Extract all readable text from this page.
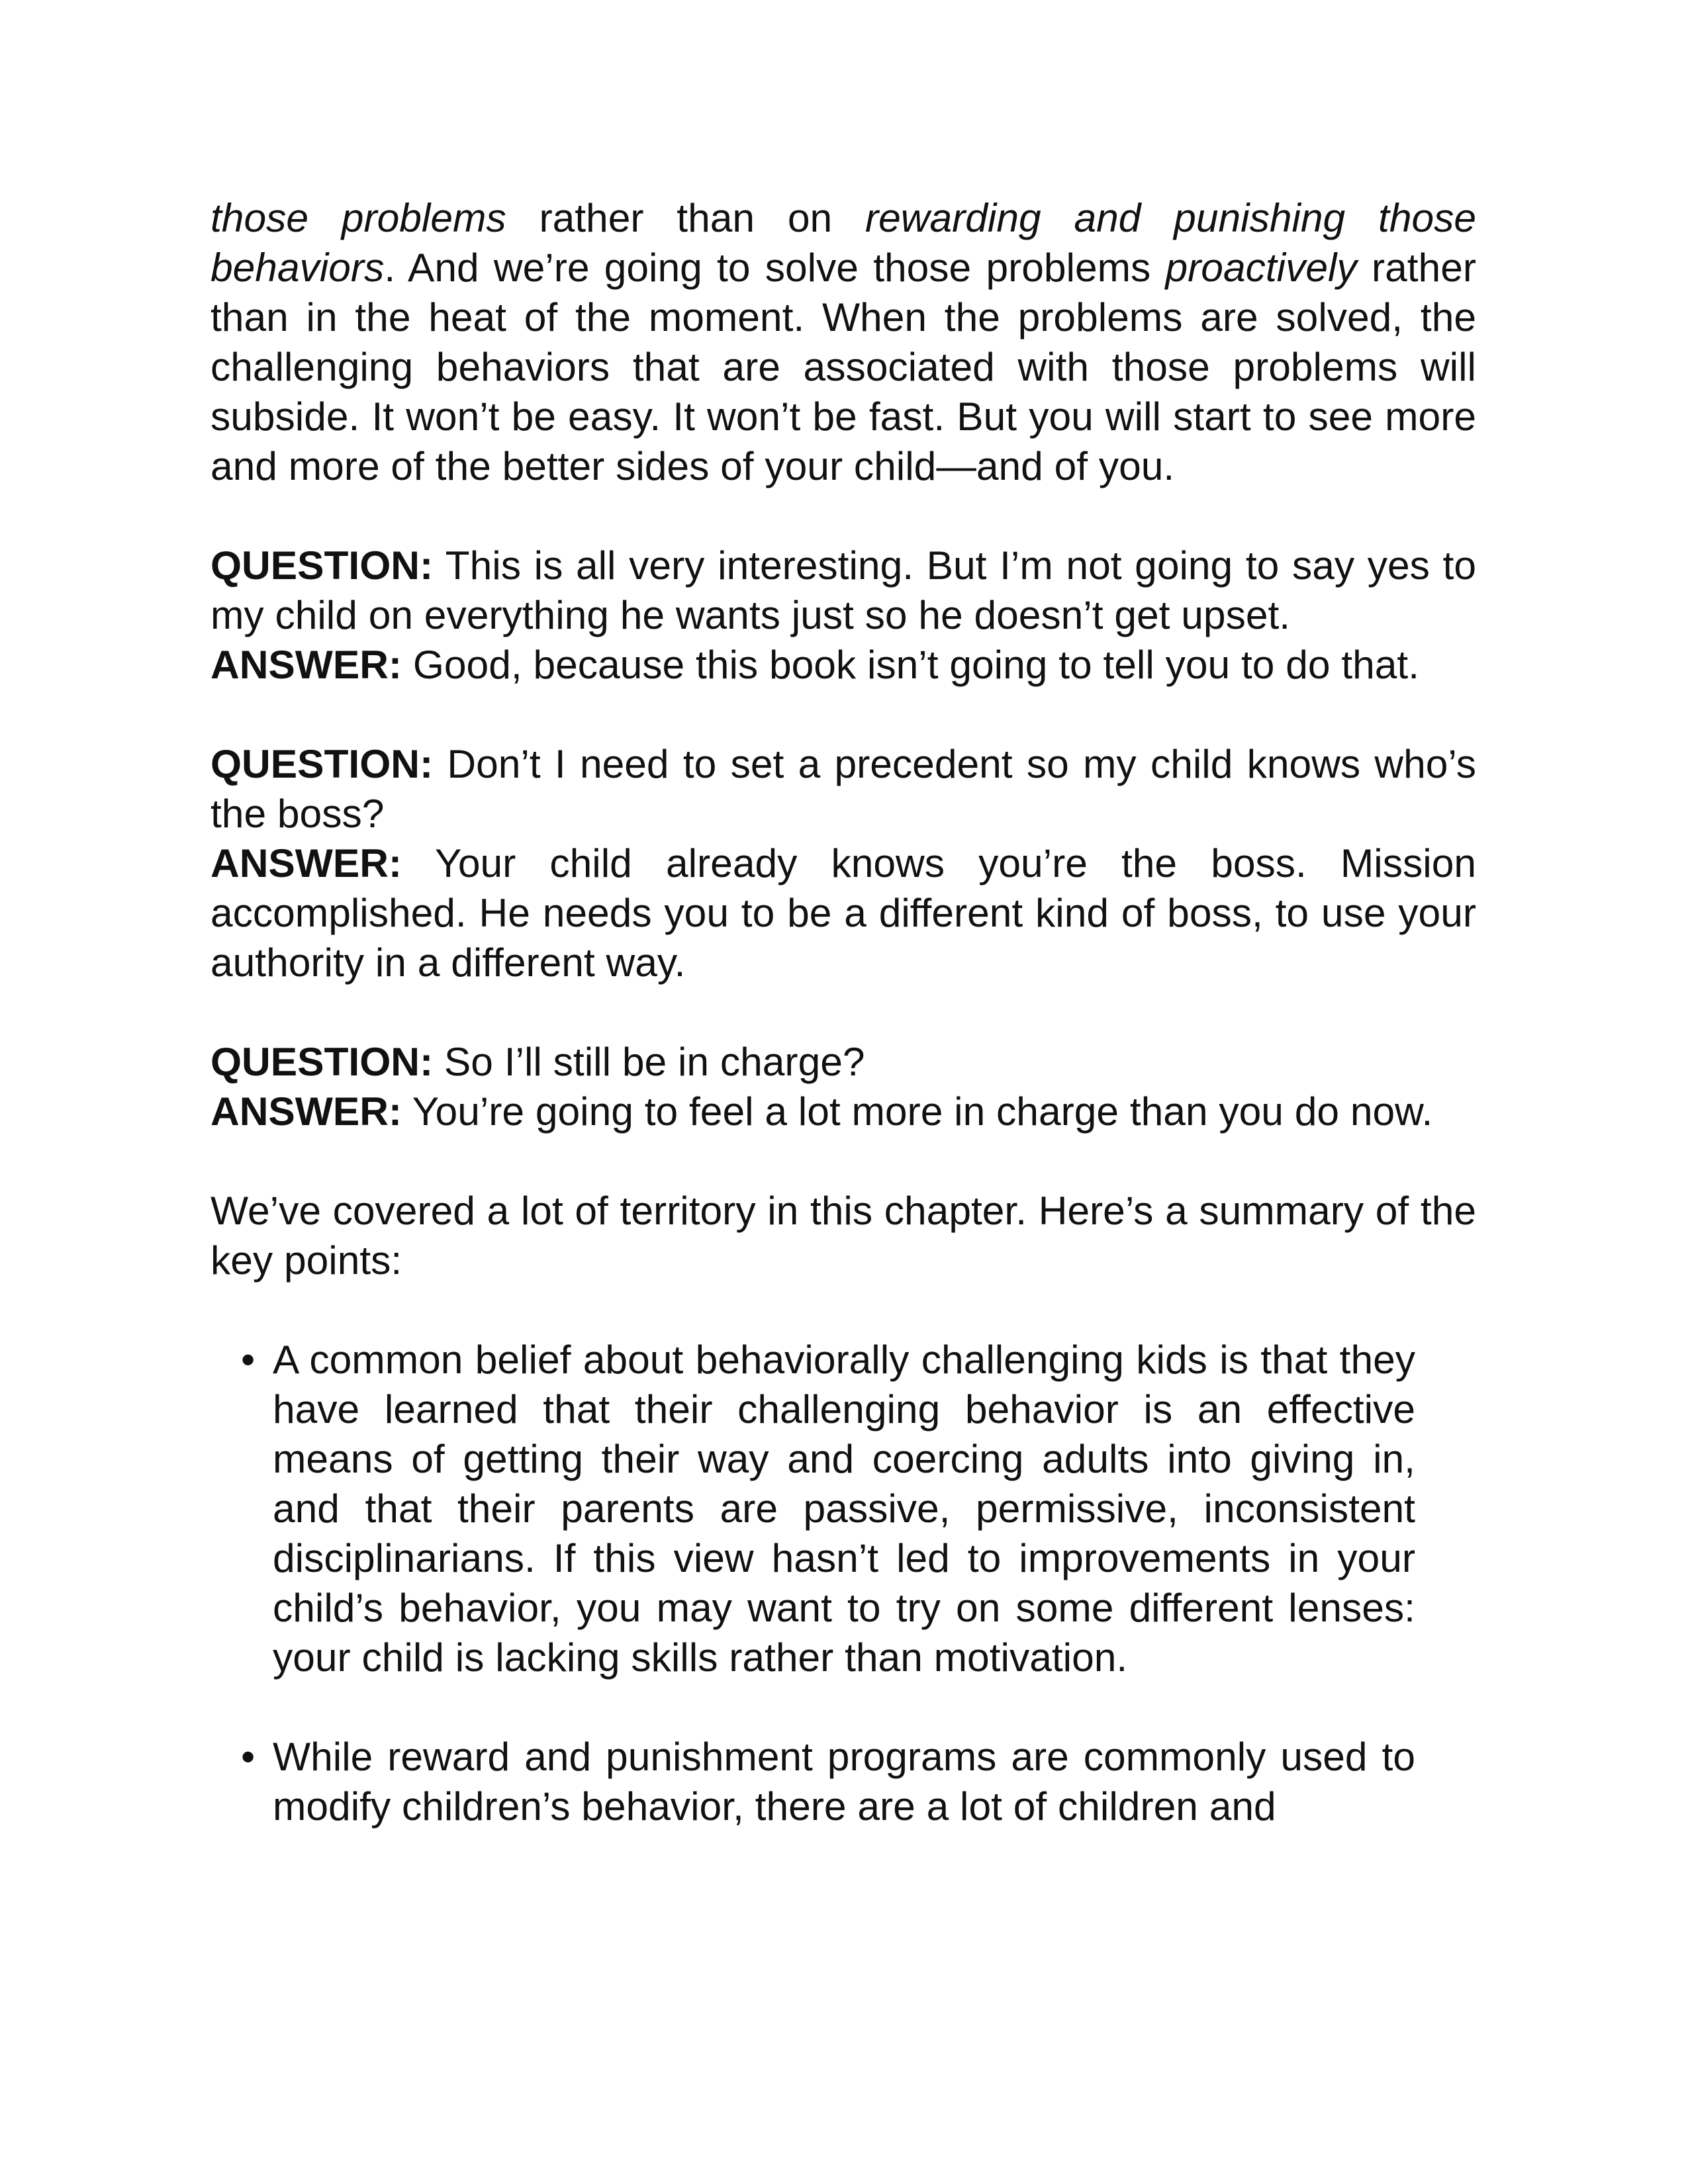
those problems rather than on rewarding and punishing those behaviors. And we’re going to solve those problems proactively rather than in the heat of the moment. When the problems are solved, the challenging behaviors that are associated with those problems will subside. It won’t be easy. It won’t be fast. But you will start to see more and more of the better sides of your child—and of you.

QUESTION: This is all very interesting. But I’m not going to say yes to my child on everything he wants just so he doesn’t get upset.

ANSWER: Good, because this book isn’t going to tell you to do that.

QUESTION: Don’t I need to set a precedent so my child knows who’s the boss?

ANSWER: Your child already knows you’re the boss. Mission accomplished. He needs you to be a different kind of boss, to use your authority in a different way.

QUESTION: So I’ll still be in charge?

ANSWER: You’re going to feel a lot more in charge than you do now.

We’ve covered a lot of territory in this chapter. Here’s a summary of the key points:

• A common belief about behaviorally challenging kids is that they have learned that their challenging behavior is an effective means of getting their way and coercing adults into giving in, and that their parents are passive, permissive, inconsistent disciplinarians. If this view hasn’t led to improvements in your child’s behavior, you may want to try on some different lenses: your child is lacking skills rather than motivation.
• While reward and punishment programs are commonly used to modify children’s behavior, there are a lot of children and
